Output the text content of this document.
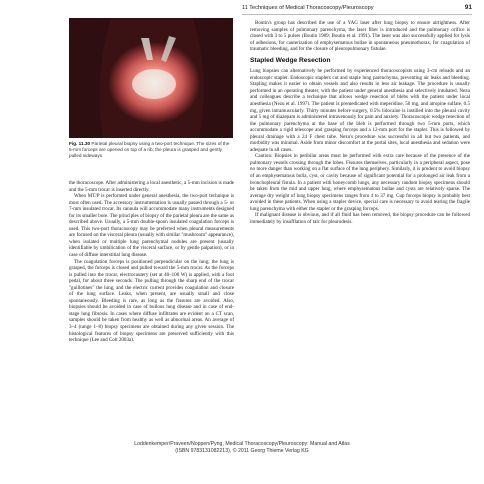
11 Techniques of Medical Thoracoscopy/Pleuroscopy	91
Fig. 11.30 Parietal pleural biopsy using a two-port technique. The sizes of the 5-mm forceps are opened on top of a rib; the pleura is grasped and gently pulled sideways.

the thoracoscope. After administering a local anesthetic, a 5-mm incision is made and the 5-mm trocar is inserted directly.

When MT/P is performed under general anesthesia, the two-port technique is most often used. The accessory instrumentation is usually passed through a 5- or 7-mm insulated trocar. Its cannula will accommodate many instruments designed for its smaller bore. The principles of biopsy of the parietal pleura are the same as described above. Usually, a 5-mm double-spoon insulated coagulation forceps is used. This two-port thoracoscopy may be preferred when pleural measurements are focused on the visceral pleura (usually with similar "mushroom" appearance), when isolated or multiple lung parenchymal nodules are present (usually identifiable by umbilication of the visceral surface, or by gentle palpation), or in case of diffuse interstitial lung disease.

The coagulation forceps is positioned perpendicular on the lung; the lung is grasped, the forceps is closed and pulled toward the 5-mm trocar. As the forceps is pulled into the trocar, electrocautery (set at 40–100 W) is applied, with a foot pedal, for about three seconds. The pulling through the sharp end of the trocar "guillotines" the lung, and the electric current provides coagulation and closure of the lung surface. Leaks, when present, are usually small and close spontaneously. Bleeding is rare, as long as the fissures are avoided. Also, biopsies should be avoided in case of bullous lung disease and in case of end-stage lung fibrosis. In cases where diffuse infiltrates are evident on a CT scan, samples should be taken from healthy as well as abnormal areas. An average of 3–4 (range 1–8) biopsy specimens are obtained during any given session. The histological features of biopsy specimens are preserved sufficiently with this technique (Lee and Colt 2003a).

Boutin's group has described the use of a YAG laser after lung biopsy to ensure airtightness. After removing samples of pulmonary parenchyma, the laser fiber is introduced and the pulmonary orifice is closed with 3 to 5 pulses (Boutin 1989; Boutin et al. 1991). The laser was also successfully applied for lysis of adhesions, for cauterization of emphysematous bullae in spontaneous pneumothorax, for coagulation of traumatic bleeding, and for the closure of pleuropulmonary fistulae.

Stapled Wedge Resection

Lung biopsies can alternatively be performed by experienced thoracoscopists using 3-cm reloads and an endoscopic stapler. Endoscopic staplers cut and staple lung parenchyma, preventing air leaks and bleeding. Stapling makes it easier to obtain vessels and also results in less air leakage. The procedure is usually performed in an operating theater, with the patient under general anesthesia and selectively intubated. Nezu and colleagues describe a technique that allows wedge resection of blebs with the patient under local anesthesia (Nezu et al. 1997). The patient is premedicated with meperidine, 50 mg, and atropine sulfate, 0.5 mg, given intramuscularly. Thirty minutes before surgery, 0.5% lidocaine is instilled into the pleural cavity and 5 mg of diazepam is administered intravenously for pain and anxiety. Thoracoscopic wedge resection of the pulmonary parenchyma at the base of the bleb is performed through two 5-mm ports, which accommodate a rigid telescope and grasping forceps and a 12-mm port for the stapler. This is followed by pleural drainage with a 24 F chest tube. Nezu's procedure was successful in all but two patients, and morbidity was minimal. Aside from minor discomfort at the portal sites, local anesthesia and sedation were adequate in all cases.

Caution: Biopsies in peribilar areas must be performed with extra care because of the presence of the pulmonary vessels crossing through the lobes. Fissures themselves, particularly in a peripheral aspect, pose no more danger than working on a flat surface of the lung periphery. Similarly, it is prudent to avoid biopsy of an emphysematous bulla, cyst, or cavity because of significant potential for a prolonged air leak from a bronchopleural fistula. In a patient with honeycomb lungs, any necessary random biopsy specimens should be taken from the mid and upper lung, where emphysematous bullae and cysts are relatively sparse. The average dry weight of lung biopsy specimens ranges from 4 to 37 mg. Cup forceps biopsy is probably best avoided in these patients. When using a stapler device, special care is necessary to avoid tearing the fragile lung parenchyma with either the stapler or the grasping forceps.

If malignant disease is obvious, and if all fluid has been removed, the biopsy procedure can be followed immediately by insufflation of talc for pleurodesis.

Loddenkemper/Praveen/Noppen/Pyng, Medical Thoracoscopy/Pleuroscopy: Manual and Atlas
(ISBN 9783131082213), © 2011 Georg Thieme Verlag KG
